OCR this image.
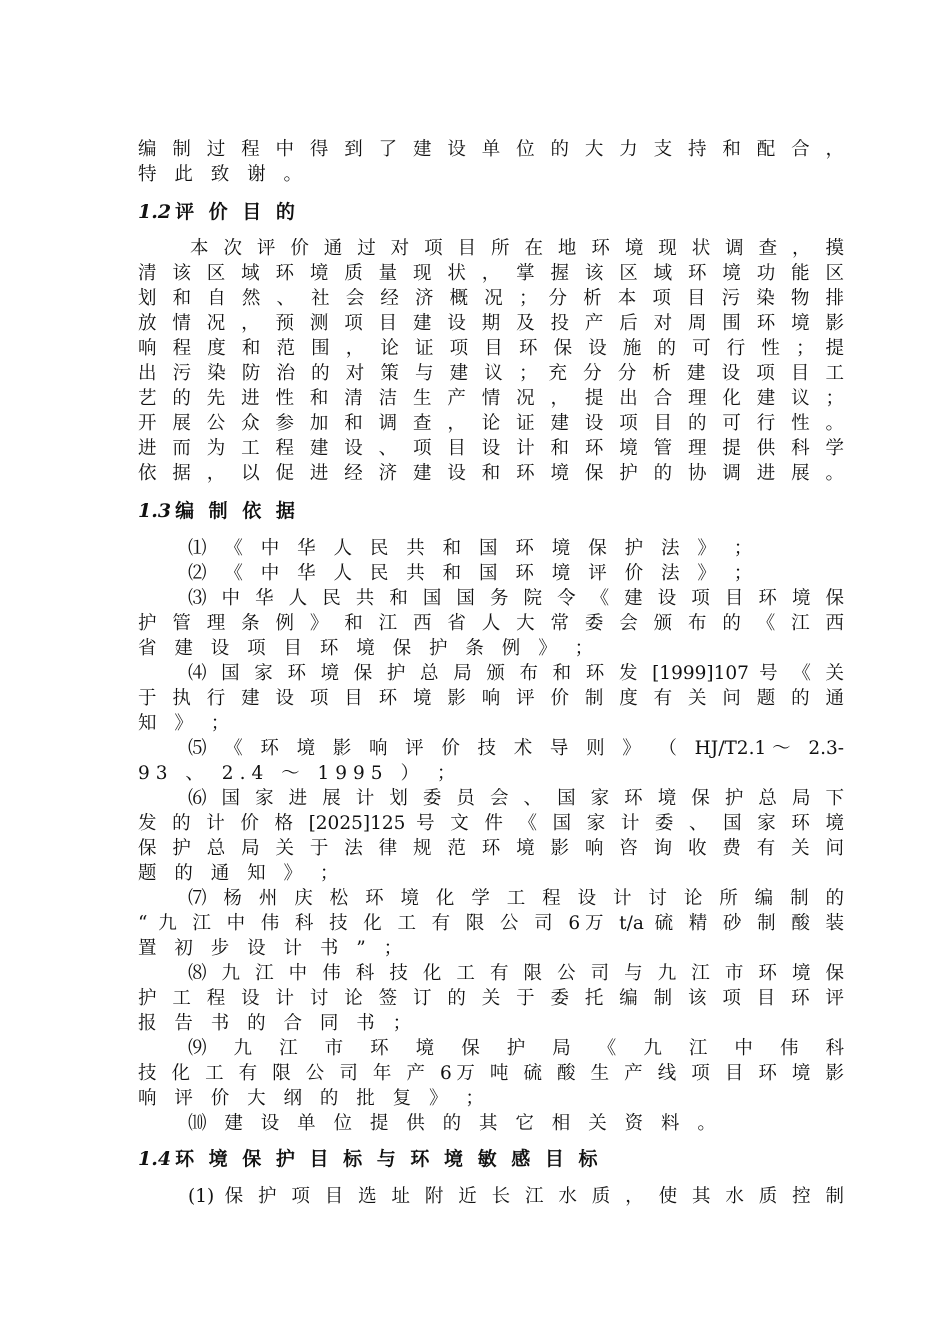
编 制 过 程 中 得 到 了 建 设 单 位 的 大 力 支 持 和 配 合 ，
特 此 致 谢 。
1.2 评 价 目 的
本 次 评 价 通 过 对 项 目 所 在 地 环 境 现 状 调 查 ， 摸
清 该 区 域 环 境 质 量 现 状 ， 掌 握 该 区 域 环 境 功 能 区
划 和 自 然 、 社 会 经 济 概 况 ； 分 析 本 项 目 污 染 物 排
放 情 况 ， 预 测 项 目 建 设 期 及 投 产 后 对 周 围 环 境 影
响 程 度 和 范 围 ， 论 证 项 目 环 保 设 施 的 可 行 性 ； 提
出 污 染 防 治 的 对 策 与 建 议 ； 充 分 分 析 建 设 项 目 工
艺 的 先 进 性 和 清 洁 生 产 情 况 ， 提 出 合 理 化 建 议 ；
开 展 公 众 参 加 和 调 查 ， 论 证 建 设 项 目 的 可 行 性 。
进 而 为 工 程 建 设 、 项 目 设 计 和 环 境 管 理 提 供 科 学
依 据 ， 以 促 进 经 济 建 设 和 环 境 保 护 的 协 调 进 展 。
1.3 编 制 依 据
⑴ 《 中 华 人 民 共 和 国 环 境 保 护 法 》 ；
⑵ 《 中 华 人 民 共 和 国 环 境 评 价 法 》 ；
⑶ 中 华 人 民 共 和 国 国 务 院 令 《 建 设 项 目 环 境 保
护 管 理 条 例 》 和 江 西 省 人 大 常 委 会 颁 布 的 《 江 西
省 建 设 项 目 环 境 保 护 条 例 》 ；
⑷ 国 家 环 境 保 护 总 局 颁 布 和 环 发 [1999]107 号 《 关
于 执 行 建 设 项 目 环 境 影 响 评 价 制 度 有 关 问 题 的 通
知 》 ；
⑸ 《 环 境 影 响 评 价 技 术 导 则 》 （ HJ/T2.1～ 2.3-
93 、 2.4 ～ 1995 ） ；
⑹ 国 家 进 展 计 划 委 员 会 、 国 家 环 境 保 护 总 局 下
发 的 计 价 格 [2025]125 号 文 件 《 国 家 计 委 、 国 家 环 境
保 护 总 局 关 于 法 律 规 范 环 境 影 响 咨 询 收 费 有 关 问
题 的 通 知 》 ；
⑺ 杨 州 庆 松 环 境 化 学 工 程 设 计 讨 论 所 编 制 的
“ 九 江 中 伟 科 技 化 工 有 限 公 司 6万 t/a 硫 精 砂 制 酸 装
置 初 步 设 计 书 ” ；
⑻ 九 江 中 伟 科 技 化 工 有 限 公 司 与 九 江 市 环 境 保
护 工 程 设 计 讨 论 签 订 的 关 于 委 托 编 制 该 项 目 环 评
报 告 书 的 合 同 书 ；
⑼ 九 江 市 环 境 保 护 局 《 九 江 中 伟 科
技 化 工 有 限 公 司 年 产 6万 吨 硫 酸 生 产 线 项 目 环 境 影
响 评 价 大 纲 的 批 复 》 ；
⑽ 建 设 单 位 提 供 的 其 它 相 关 资 料 。
1.4 环 境 保 护 目 标 与 环 境 敏 感 目 标
(1) 保 护 项 目 选 址 附 近 长 江 水 质 ， 使 其 水 质 控 制
